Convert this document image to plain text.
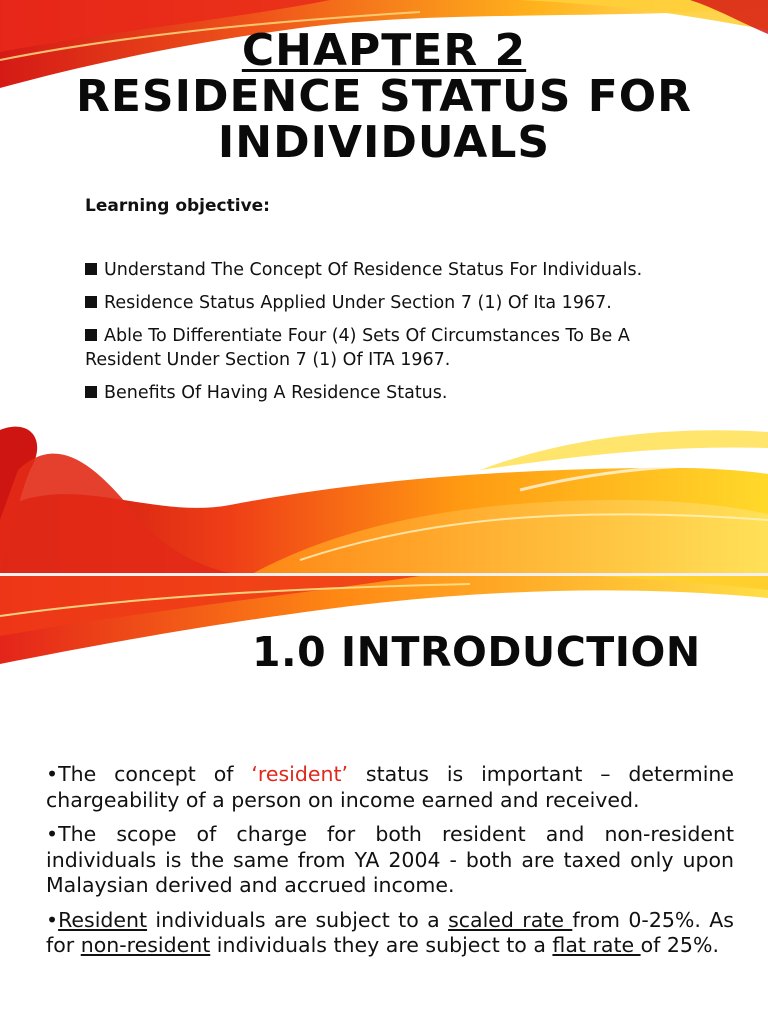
CHAPTER 2
RESIDENCE STATUS FOR
INDIVIDUALS
Learning objective:
Understand The Concept Of Residence Status For Individuals.
Residence Status Applied Under Section 7 (1) Of Ita 1967.
Able To Differentiate Four (4) Sets Of Circumstances To Be A Resident Under Section 7 (1) Of ITA 1967.
Benefits Of Having A Residence Status.
1.0 INTRODUCTION
•The concept of ‘resident’ status is important – determine chargeability of a person on income earned and received.
•The scope of charge for both resident and non-resident individuals is the same from YA 2004 - both are taxed only upon Malaysian derived and accrued income.
•Resident individuals are subject to a scaled rate from 0-25%. As for non-resident individuals they are subject to a flat rate of 25%.
